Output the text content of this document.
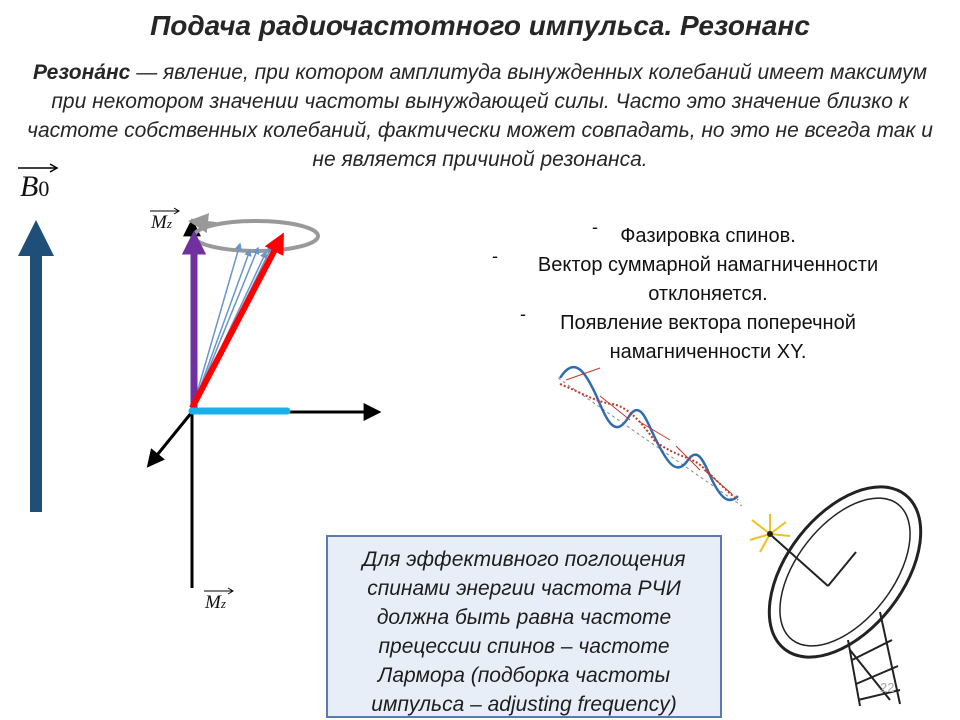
Подача радиочастотного импульса. Резонанс
Резона́нс — явление, при котором амплитуда вынужденных колебаний имеет максимум при некотором значении частоты вынуждающей силы. Часто это значение близко к частоте собственных колебаний, фактически может совпадать, но это не всегда так и не является причиной резонанса.
B0
Mz
Mz
- Фазировка спинов.
- Вектор суммарной намагниченности отклоняется.
- Появление вектора поперечной намагниченности XY.
Для эффективного поглощения спинами энергии частота РЧИ должна быть равна частоте прецессии спинов – частоте Лармора (подборка частоты импульса – adjusting frequency)
22
